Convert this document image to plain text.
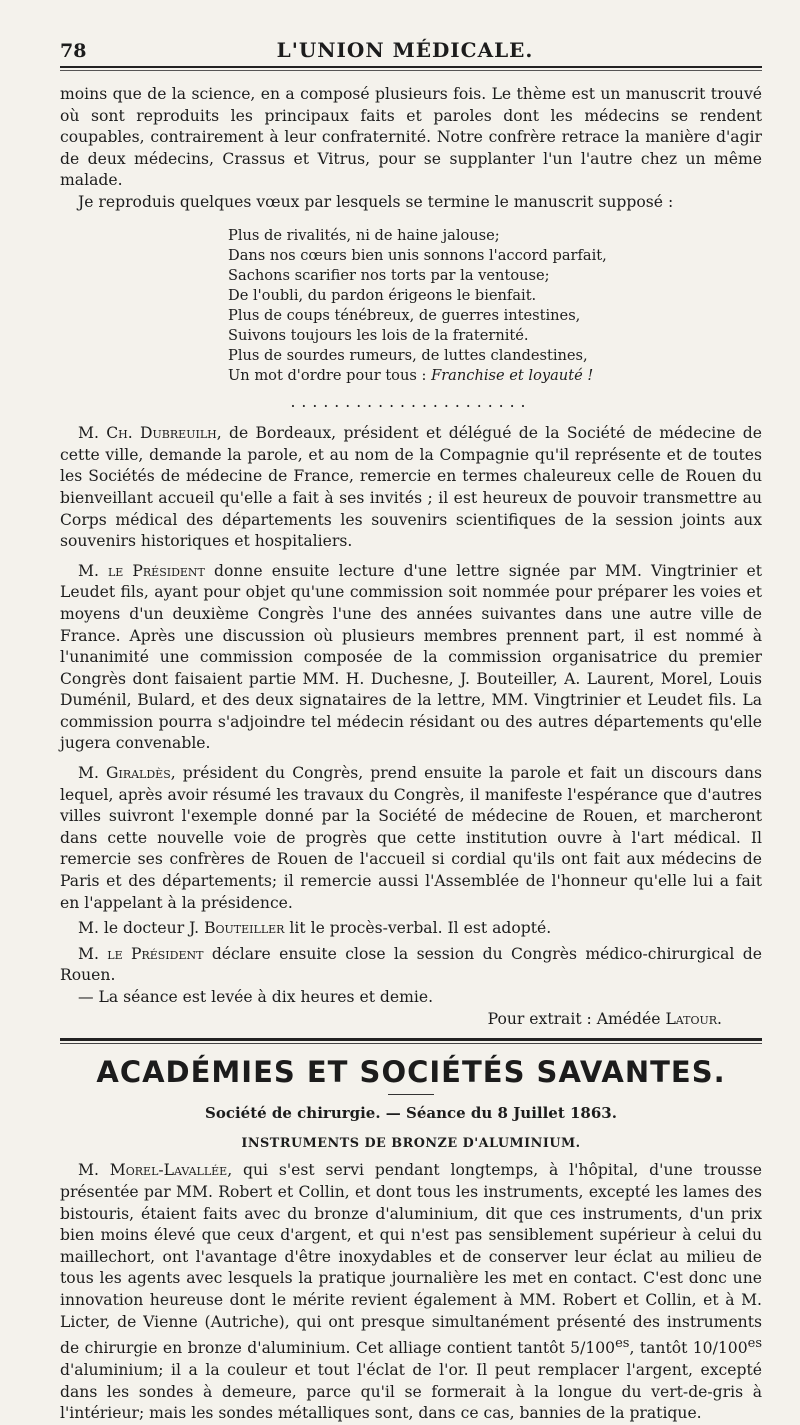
78	L'UNION MÉDICALE.

moins que de la science, en a composé plusieurs fois. Le thème est un manuscrit trouvé où sont reproduits les principaux faits et paroles dont les médecins se rendent coupables, contrairement à leur confraternité. Notre confrère retrace la manière d'agir de deux médecins, Crassus et Vitrus, pour se supplanter l'un l'autre chez un même malade.

Je reproduis quelques vœux par lesquels se termine le manuscrit supposé :

Plus de rivalités, ni de haine jalouse;
Dans nos cœurs bien unis sonnons l'accord parfait,
Sachons scarifier nos torts par la ventouse;
De l'oubli, du pardon érigeons le bienfait.
Plus de coups ténébreux, de guerres intestines,
Suivons toujours les lois de la fraternité.
Plus de sourdes rumeurs, de luttes clandestines,
Un mot d'ordre pour tous : Franchise et loyauté !
......................

M. Ch. Dubreuilh, de Bordeaux, président et délégué de la Société de médecine de cette ville, demande la parole, et au nom de la Compagnie qu'il représente et de toutes les Sociétés de médecine de France, remercie en termes chaleureux celle de Rouen du bienveillant accueil qu'elle a fait à ses invités ; il est heureux de pouvoir transmettre au Corps médical des départements les souvenirs scientifiques de la session joints aux souvenirs historiques et hospitaliers.

M. le Président donne ensuite lecture d'une lettre signée par MM. Vingtrinier et Leudet fils, ayant pour objet qu'une commission soit nommée pour préparer les voies et moyens d'un deuxième Congrès l'une des années suivantes dans une autre ville de France. Après une discussion où plusieurs membres prennent part, il est nommé à l'unanimité une commission composée de la commission organisatrice du premier Congrès dont faisaient partie MM. H. Duchesne, J. Bouteiller, A. Laurent, Morel, Louis Duménil, Bulard, et des deux signataires de la lettre, MM. Vingtrinier et Leudet fils. La commission pourra s'adjoindre tel médecin résidant ou des autres départements qu'elle jugera convenable.

M. Giraldès, président du Congrès, prend ensuite la parole et fait un discours dans lequel, après avoir résumé les travaux du Congrès, il manifeste l'espérance que d'autres villes suivront l'exemple donné par la Société de médecine de Rouen, et marcheront dans cette nouvelle voie de progrès que cette institution ouvre à l'art médical. Il remercie ses confrères de Rouen de l'accueil si cordial qu'ils ont fait aux médecins de Paris et des départements; il remercie aussi l'Assemblée de l'honneur qu'elle lui a fait en l'appelant à la présidence.

M. le docteur J. Bouteiller lit le procès-verbal. Il est adopté.

M. le Président déclare ensuite close la session du Congrès médico-chirurgical de Rouen.

— La séance est levée à dix heures et demie.

Pour extrait : Amédée Latour.

ACADÉMIES ET SOCIÉTÉS SAVANTES.
Société de chirurgie. — Séance du 8 Juillet 1863.
INSTRUMENTS DE BRONZE D'ALUMINIUM.

M. Morel-Lavallée, qui s'est servi pendant longtemps, à l'hôpital, d'une trousse présentée par MM. Robert et Collin, et dont tous les instruments, excepté les lames des bistouris, étaient faits avec du bronze d'aluminium, dit que ces instruments, d'un prix bien moins élevé que ceux d'argent, et qui n'est pas sensiblement supérieur à celui du maillechort, ont l'avantage d'être inoxydables et de conserver leur éclat au milieu de tous les agents avec lesquels la pratique journalière les met en contact. C'est donc une innovation heureuse dont le mérite revient également à MM. Robert et Collin, et à M. Licter, de Vienne (Autriche), qui ont presque simultanément présenté des instruments de chirurgie en bronze d'aluminium. Cet alliage contient tantôt $5/100^{es}$, tantôt $10/100^{es}$ d'aluminium; il a la couleur et tout l'éclat de l'or. Il peut remplacer l'argent, excepté dans les sondes à demeure, parce qu'il se formerait à la longue du vert-de-gris à l'intérieur; mais les sondes métalliques sont, dans ce cas, bannies de la pratique.
